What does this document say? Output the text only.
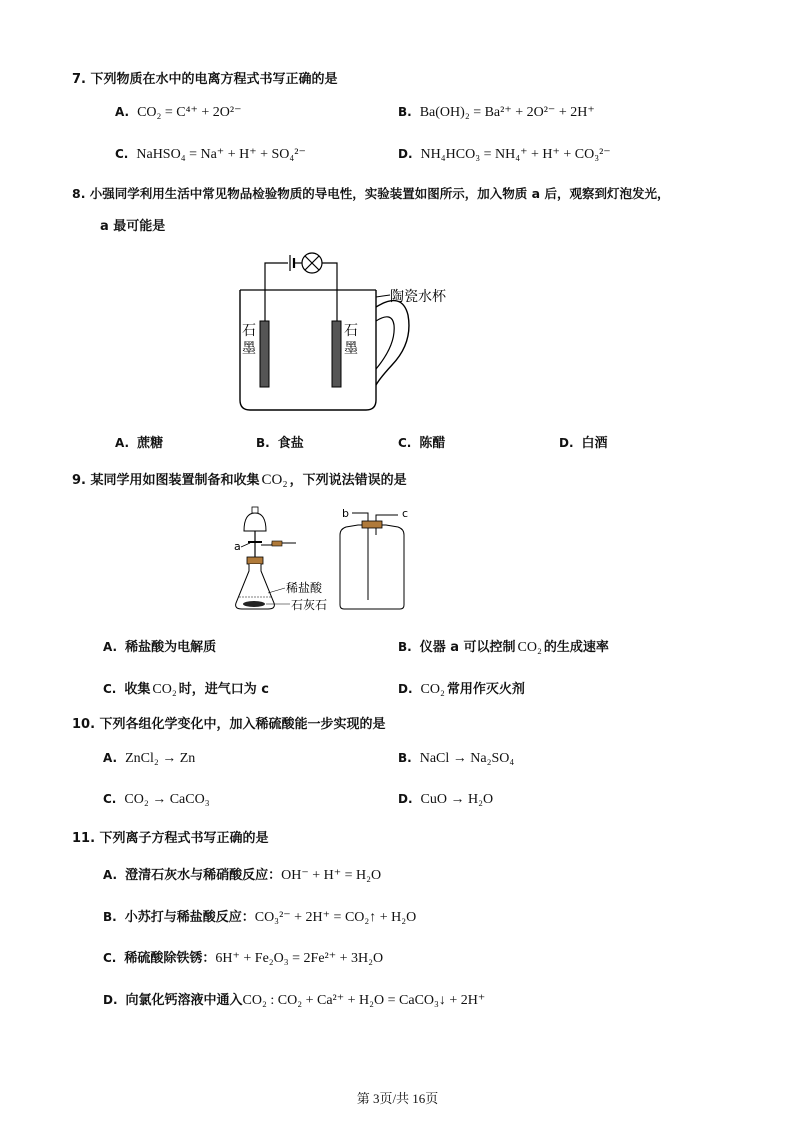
7. 下列物质在水中的电离方程式书写正确的是
A. CO₂ = C⁴⁺ + 2O²⁻	B. Ba(OH)₂ = Ba²⁺ + 2O²⁻ + 2H⁺
C. NaHSO₄ = Na⁺ + H⁺ + SO₄²⁻	D. NH₄HCO₃ = NH₄⁺ + H⁺ + CO₃²⁻
8. 小强同学利用生活中常见物品检验物质的导电性，实验装置如图所示，加入物质 a 后，观察到灯泡发光，
a 最可能是
石墨
石墨
陶瓷水杯
A. 蔗糖	B. 食盐	C. 陈醋	D. 白酒
9. 某同学用如图装置制备和收集 CO₂ ，下列说法错误的是
a
稀盐酸
石灰石
b	c
A. 稀盐酸为电解质	B. 仪器 a 可以控制 CO₂ 的生成速率
C. 收集 CO₂ 时，进气口为 c	D. CO₂ 常用作灭火剂
10. 下列各组化学变化中，加入稀硫酸能一步实现的是
A. ZnCl₂ → Zn	B. NaCl → Na₂SO₄
C. CO₂ → CaCO₃	D. CuO → H₂O
11. 下列离子方程式书写正确的是
A. 澄清石灰水与稀硝酸反应： OH⁻ + H⁺ = H₂O
B. 小苏打与稀盐酸反应： CO₃²⁻ + 2H⁺ = CO₂↑ + H₂O
C. 稀硫酸除铁锈： 6H⁺ + Fe₂O₃ = 2Fe²⁺ + 3H₂O
D. 向氯化钙溶液中通入 CO₂ : CO₂ + Ca²⁺ + H₂O = CaCO₃↓ + 2H⁺
第 3页/共 16页
